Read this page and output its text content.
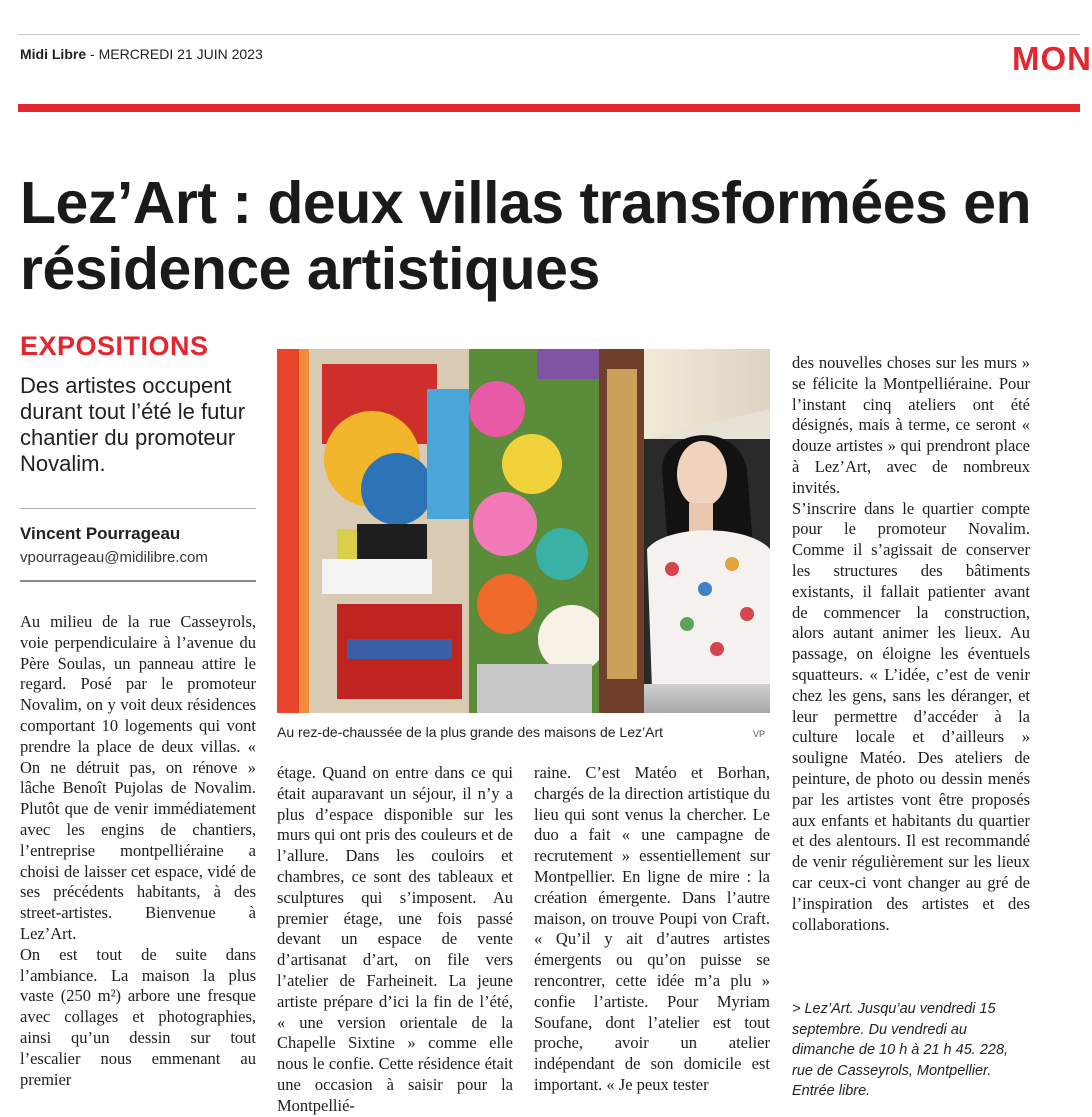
Midi Libre - MERCREDI 21 JUIN 2023	MON
Lez’Art : deux villas transformées en résidence artistiques
EXPOSITIONS
Des artistes occupent durant tout l’été le futur chantier du promoteur Novalim.
Vincent Pourrageau
vpourrageau@midilibre.com

Au milieu de la rue Casseyrols, voie perpendiculaire à l’avenue du Père Soulas, un panneau attire le regard. Posé par le promoteur Novalim, on y voit deux résidences comportant 10 logements qui vont prendre la place de deux villas. « On ne détruit pas, on rénove » lâche Benoît Pujolas de Novalim. Plutôt que de venir immédiatement avec les engins de chantiers, l’entreprise montpelliéraine a choisi de laisser cet espace, vidé de ses précédents habitants, à des street-artistes. Bienvenue à Lez’Art.

On est tout de suite dans l’ambiance. La maison la plus vaste (250 m²) arbore une fresque avec collages et photographies, ainsi qu’un dessin sur tout l’escalier nous emmenant au premier

Au rez-de-chaussée de la plus grande des maisons de Lez’Art	VP

étage. Quand on entre dans ce qui était auparavant un séjour, il n’y a plus d’espace disponible sur les murs qui ont pris des couleurs et de l’allure. Dans les couloirs et chambres, ce sont des tableaux et sculptures qui s’imposent. Au premier étage, une fois passé devant un espace de vente d’artisanat d’art, on file vers l’atelier de Farheineit. La jeune artiste prépare d’ici la fin de l’été, « une version orientale de la Chapelle Sixtine » comme elle nous le confie. Cette résidence était une occasion à saisir pour la Montpellié-

raine. C’est Matéo et Borhan, chargés de la direction artistique du lieu qui sont venus la chercher. Le duo a fait « une campagne de recrutement » essentiellement sur Montpellier. En ligne de mire : la création émergente. Dans l’autre maison, on trouve Poupi von Craft. « Qu’il y ait d’autres artistes émergents ou qu’on puisse se rencontrer, cette idée m’a plu » confie l’artiste. Pour Myriam Soufane, dont l’atelier est tout proche, avoir un atelier indépendant de son domicile est important. « Je peux tester

des nouvelles choses sur les murs » se félicite la Montpelliéraine. Pour l’instant cinq ateliers ont été désignés, mais à terme, ce seront « douze artistes » qui prendront place à Lez’Art, avec de nombreux invités.

S’inscrire dans le quartier compte pour le promoteur Novalim. Comme il s’agissait de conserver les structures des bâtiments existants, il fallait patienter avant de commencer la construction, alors autant animer les lieux. Au passage, on éloigne les éventuels squatteurs. « L’idée, c’est de venir chez les gens, sans les déranger, et leur permettre d’accéder à la culture locale et d’ailleurs » souligne Matéo. Des ateliers de peinture, de photo ou dessin menés par les artistes vont être proposés aux enfants et habitants du quartier et des alentours. Il est recommandé de venir régulièrement sur les lieux car ceux-ci vont changer au gré de l’inspiration des artistes et des collaborations.

> Lez’Art. Jusqu’au vendredi 15 septembre. Du vendredi au dimanche de 10 h à 21 h 45. 228, rue de Casseyrols, Montpellier. Entrée libre.
